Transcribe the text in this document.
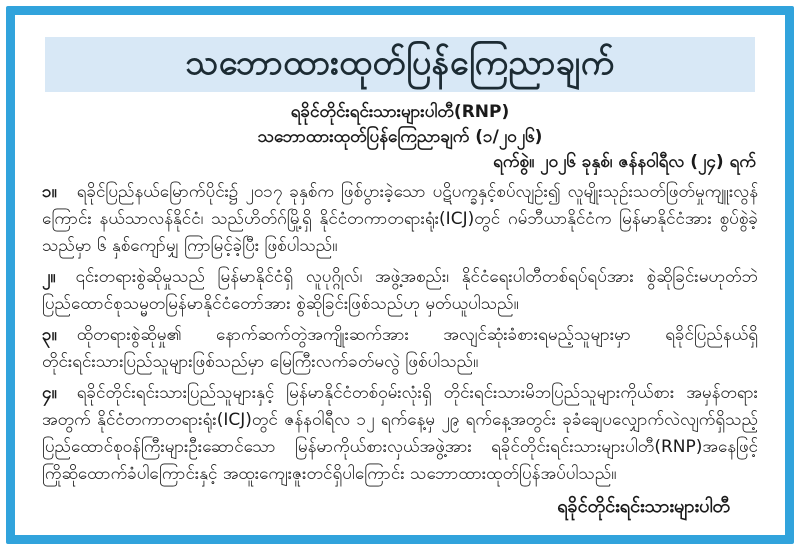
သဘောထားထုတ်ပြန်ကြေညာချက်
ရခိုင်တိုင်းရင်းသားများပါတီ(RNP)
သဘောထားထုတ်ပြန်ကြေညာချက် (၁/၂၀၂၆)
ရက်စွဲ။ ၂၀၂၆ ခုနှစ်၊ ဇန်နဝါရီလ (၂၄) ရက်
၁။ ရခိုင်ပြည်နယ်မြောက်ပိုင်း၌ ၂၀၁၇ ခုနှစ်က ဖြစ်ပွားခဲ့သော ပဋိပက္ခနှင့်စပ်လျဉ်း၍ လူမျိုးသုဉ်းသတ်ဖြတ်မှုကျူးလွန်ကြောင်း နယ်သာလန်နိုင်ငံ၊ သည်ဟိတ်ဂ်မြို့ရှိ နိုင်ငံတကာတရားရုံး(ICJ)တွင် ဂမ်ဘီယာနိုင်ငံက မြန်မာနိုင်ငံအား စွပ်စွဲခဲ့သည်မှာ ၆ နှစ်ကျော်မျှ ကြာမြင့်ခဲ့ပြီး ဖြစ်ပါသည်။
၂။ ၎င်းတရားစွဲဆိုမှုသည် မြန်မာနိုင်ငံရှိ လူပုဂ္ဂိုလ်၊ အဖွဲ့အစည်း၊ နိုင်ငံရေးပါတီတစ်ရပ်ရပ်အား စွဲဆိုခြင်းမဟုတ်ဘဲ ပြည်ထောင်စုသမ္မတမြန်မာနိုင်ငံတော်အား စွဲဆိုခြင်းဖြစ်သည်ဟု မှတ်ယူပါသည်။
၃။ ထိုတရားစွဲဆိုမှု၏ နောက်ဆက်တွဲအကျိုးဆက်အား အလျင်ဆုံးခံစားရမည့်သူများမှာ ရခိုင်ပြည်နယ်ရှိ တိုင်းရင်းသားပြည်သူများဖြစ်သည်မှာ မြေကြီးလက်ခတ်မလွဲ ဖြစ်ပါသည်။
၄။ ရခိုင်တိုင်းရင်းသားပြည်သူများနှင့် မြန်မာနိုင်ငံတစ်ဝှမ်းလုံးရှိ တိုင်းရင်းသားမိဘပြည်သူများကိုယ်စား အမှန်တရားအတွက် နိုင်ငံတကာတရားရုံး(ICJ)တွင် ဇန်နဝါရီလ ၁၂ ရက်နေ့မှ ၂၉ ရက်နေ့အတွင်း ခုခံချေပလျှောက်လဲလျက်ရှိသည့် ပြည်ထောင်စုဝန်ကြီးများဦးဆောင်သော မြန်မာကိုယ်စားလှယ်အဖွဲ့အား ရခိုင်တိုင်းရင်းသားများပါတီ(RNP)အနေဖြင့် ကြိုဆိုထောက်ခံပါကြောင်းနှင့် အထူးကျေးဇူးတင်ရှိပါကြောင်း သဘောထားထုတ်ပြန်အပ်ပါသည်။
ရခိုင်တိုင်းရင်းသားများပါတီ
